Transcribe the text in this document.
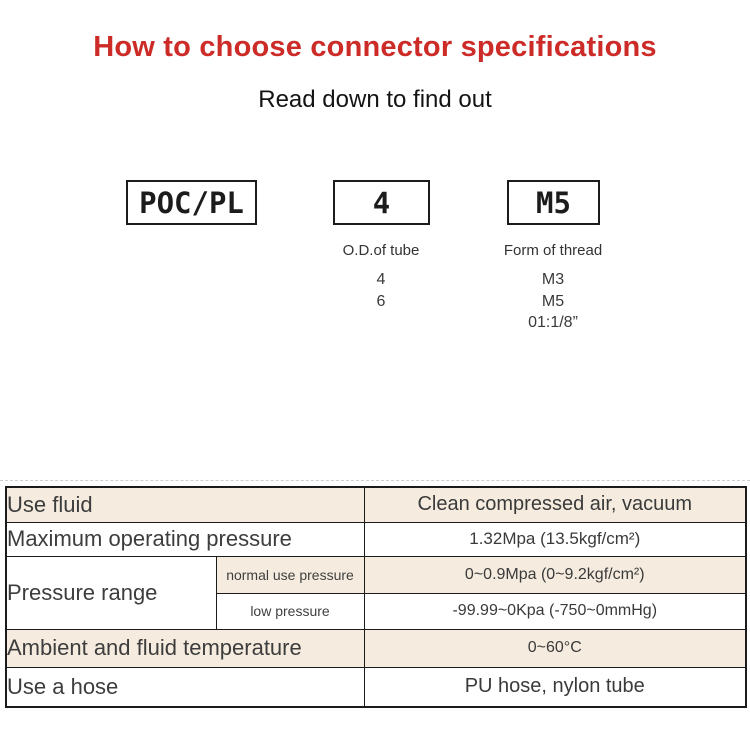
How to choose connector specifications
Read down to find out
POC/PL	4	M5
O.D.of tube
4
6
Form of thread
M3
M5
01:1/8”
Use fluid		Clean compressed air, vacuum
Maximum operating pressure		1.32Mpa (13.5kgf/cm²)
Pressure range	normal use pressure	0~0.9Mpa (0~9.2kgf/cm²)
	low pressure	-99.99~0Kpa (-750~0mmHg)
Ambient and fluid temperature		0~60°C
Use a hose		PU hose, nylon tube
